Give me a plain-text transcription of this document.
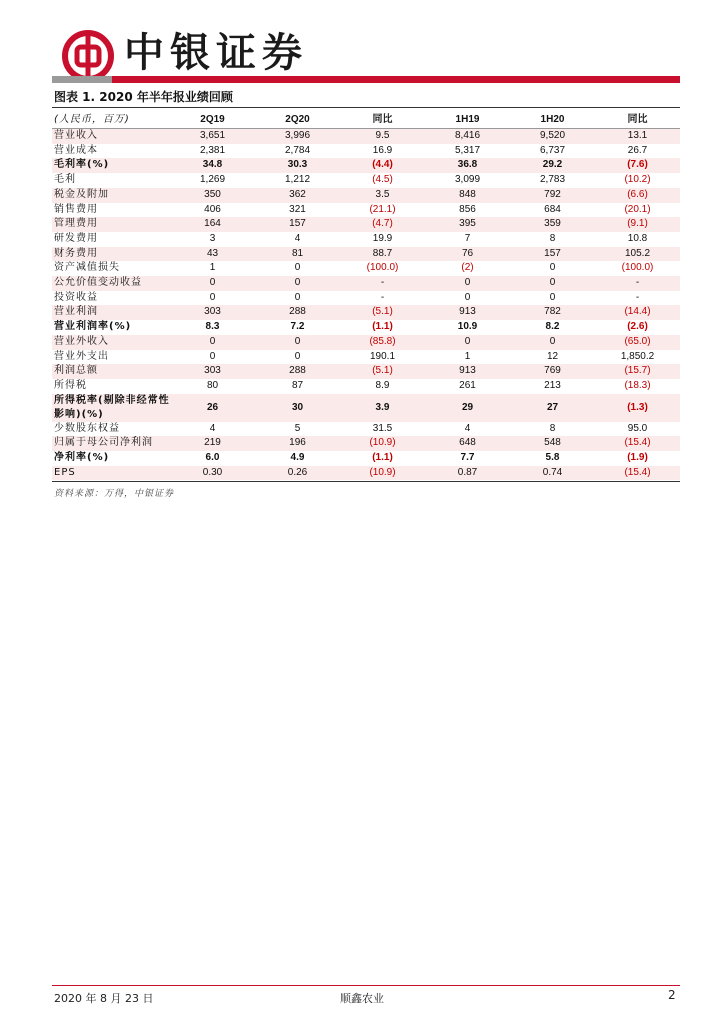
中银证券
图表 1. 2020 年半年报业绩回顾
(人民币，百万)	2Q19	2Q20	同比	1H19	1H20	同比
营业收入	3,651	3,996	9.5	8,416	9,520	13.1
营业成本	2,381	2,784	16.9	5,317	6,737	26.7
毛利率(%)	34.8	30.3	(4.4)	36.8	29.2	(7.6)
毛利	1,269	1,212	(4.5)	3,099	2,783	(10.2)
税金及附加	350	362	3.5	848	792	(6.6)
销售费用	406	321	(21.1)	856	684	(20.1)
管理费用	164	157	(4.7)	395	359	(9.1)
研发费用	3	4	19.9	7	8	10.8
财务费用	43	81	88.7	76	157	105.2
资产减值损失	1	0	(100.0)	(2)	0	(100.0)
公允价值变动收益	0	0	-	0	0	-
投资收益	0	0	-	0	0	-
营业利润	303	288	(5.1)	913	782	(14.4)
营业利润率(%)	8.3	7.2	(1.1)	10.9	8.2	(2.6)
营业外收入	0	0	(85.8)	0	0	(65.0)
营业外支出	0	0	190.1	1	12	1,850.2
利润总额	303	288	(5.1)	913	769	(15.7)
所得税	80	87	8.9	261	213	(18.3)
所得税率(剔除非经常性影响)(%)	26	30	3.9	29	27	(1.3)
少数股东权益	4	5	31.5	4	8	95.0
归属于母公司净利润	219	196	(10.9)	648	548	(15.4)
净利率(%)	6.0	4.9	(1.1)	7.7	5.8	(1.9)
EPS	0.30	0.26	(10.9)	0.87	0.74	(15.4)
资料来源：万得，中银证券
2020 年 8 月 23 日	顺鑫农业	2
